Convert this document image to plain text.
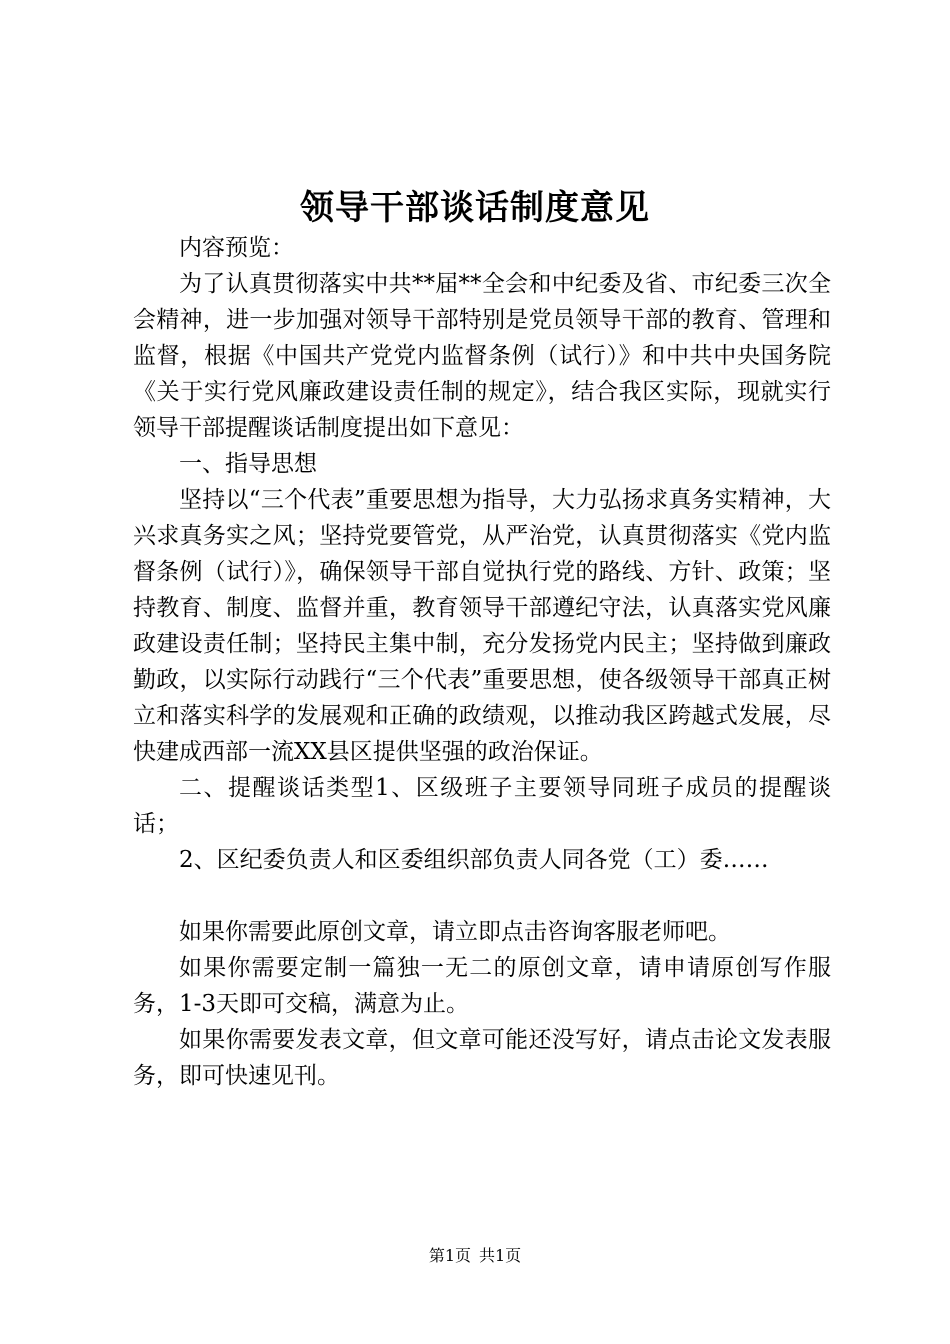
领导干部谈话制度意见

内容预览：

为了认真贯彻落实中共**届**全会和中纪委及省、市纪委三次全会精神，进一步加强对领导干部特别是党员领导干部的教育、管理和监督，根据《中国共产党党内监督条例（试行）》和中共中央国务院《关于实行党风廉政建设责任制的规定》，结合我区实际，现就实行领导干部提醒谈话制度提出如下意见：

一、指导思想

坚持以“三个代表”重要思想为指导，大力弘扬求真务实精神，大兴求真务实之风；坚持党要管党，从严治党，认真贯彻落实《党内监督条例（试行）》，确保领导干部自觉执行党的路线、方针、政策；坚持教育、制度、监督并重，教育领导干部遵纪守法，认真落实党风廉政建设责任制；坚持民主集中制，充分发扬党内民主；坚持做到廉政勤政，以实际行动践行“三个代表”重要思想，使各级领导干部真正树立和落实科学的发展观和正确的政绩观，以推动我区跨越式发展，尽快建成西部一流XX县区提供坚强的政治保证。

二、提醒谈话类型1、区级班子主要领导同班子成员的提醒谈话；

2、区纪委负责人和区委组织部负责人同各党（工）委……

如果你需要此原创文章，请立即点击咨询客服老师吧。

如果你需要定制一篇独一无二的原创文章，请申请原创写作服务，1-3天即可交稿，满意为止。

如果你需要发表文章，但文章可能还没写好，请点击论文发表服务，即可快速见刊。

第1页 共1页
